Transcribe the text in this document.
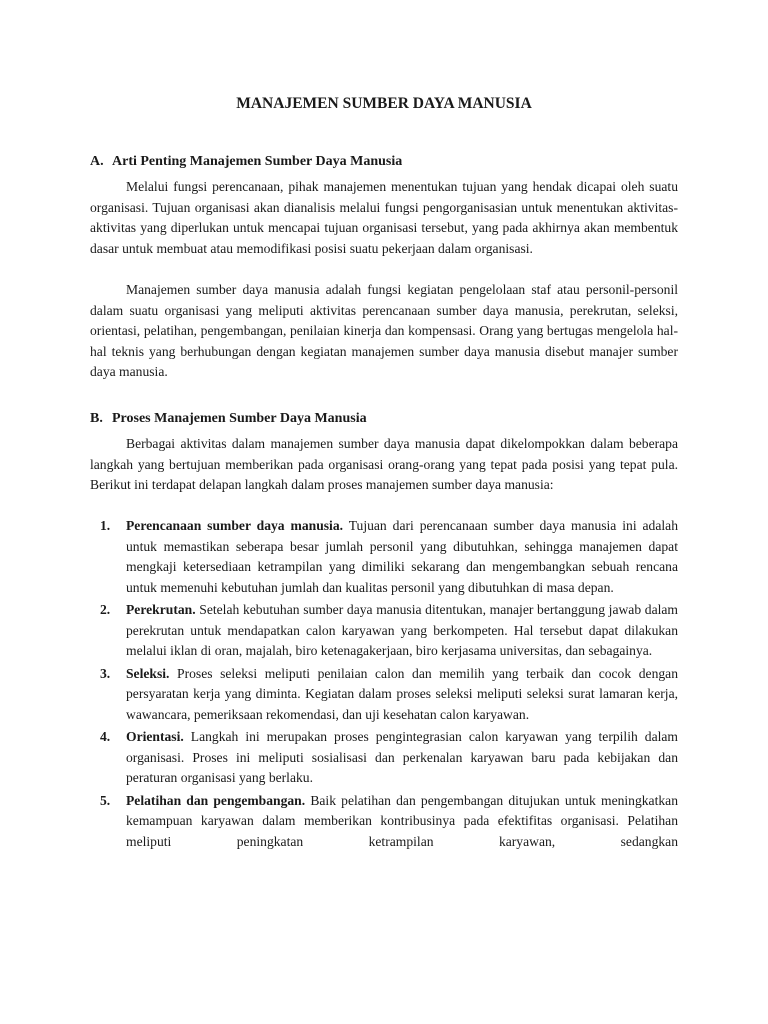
MANAJEMEN SUMBER DAYA MANUSIA
A. Arti Penting Manajemen Sumber Daya Manusia

Melalui fungsi perencanaan, pihak manajemen menentukan tujuan yang hendak dicapai oleh suatu organisasi. Tujuan organisasi akan dianalisis melalui fungsi pengorganisasian untuk menentukan aktivitas-aktivitas yang diperlukan untuk mencapai tujuan organisasi tersebut, yang pada akhirnya akan membentuk dasar untuk membuat atau memodifikasi posisi suatu pekerjaan dalam organisasi.

Manajemen sumber daya manusia adalah fungsi kegiatan pengelolaan staf atau personil-personil dalam suatu organisasi yang meliputi aktivitas perencanaan sumber daya manusia, perekrutan, seleksi, orientasi, pelatihan, pengembangan, penilaian kinerja dan kompensasi. Orang yang bertugas mengelola hal-hal teknis yang berhubungan dengan kegiatan manajemen sumber daya manusia disebut manajer sumber daya manusia.

B. Proses Manajemen Sumber Daya Manusia

Berbagai aktivitas dalam manajemen sumber daya manusia dapat dikelompokkan dalam beberapa langkah yang bertujuan memberikan pada organisasi orang-orang yang tepat pada posisi yang tepat pula. Berikut ini terdapat delapan langkah dalam proses manajemen sumber daya manusia:

1. Perencanaan sumber daya manusia. Tujuan dari perencanaan sumber daya manusia ini adalah untuk memastikan seberapa besar jumlah personil yang dibutuhkan, sehingga manajemen dapat mengkaji ketersediaan ketrampilan yang dimiliki sekarang dan mengembangkan sebuah rencana untuk memenuhi kebutuhan jumlah dan kualitas personil yang dibutuhkan di masa depan.
2. Perekrutan. Setelah kebutuhan sumber daya manusia ditentukan, manajer bertanggung jawab dalam perekrutan untuk mendapatkan calon karyawan yang berkompeten. Hal tersebut dapat dilakukan melalui iklan di oran, majalah, biro ketenagakerjaan, biro kerjasama universitas, dan sebagainya.
3. Seleksi. Proses seleksi meliputi penilaian calon dan memilih yang terbaik dan cocok dengan persyaratan kerja yang diminta. Kegiatan dalam proses seleksi meliputi seleksi surat lamaran kerja, wawancara, pemeriksaan rekomendasi, dan uji kesehatan calon karyawan.
4. Orientasi. Langkah ini merupakan proses pengintegrasian calon karyawan yang terpilih dalam organisasi. Proses ini meliputi sosialisasi dan perkenalan karyawan baru pada kebijakan dan peraturan organisasi yang berlaku.
5. Pelatihan dan pengembangan. Baik pelatihan dan pengembangan ditujukan untuk meningkatkan kemampuan karyawan dalam memberikan kontribusinya pada efektifitas organisasi. Pelatihan meliputi peningkatan ketrampilan karyawan, sedangkan
